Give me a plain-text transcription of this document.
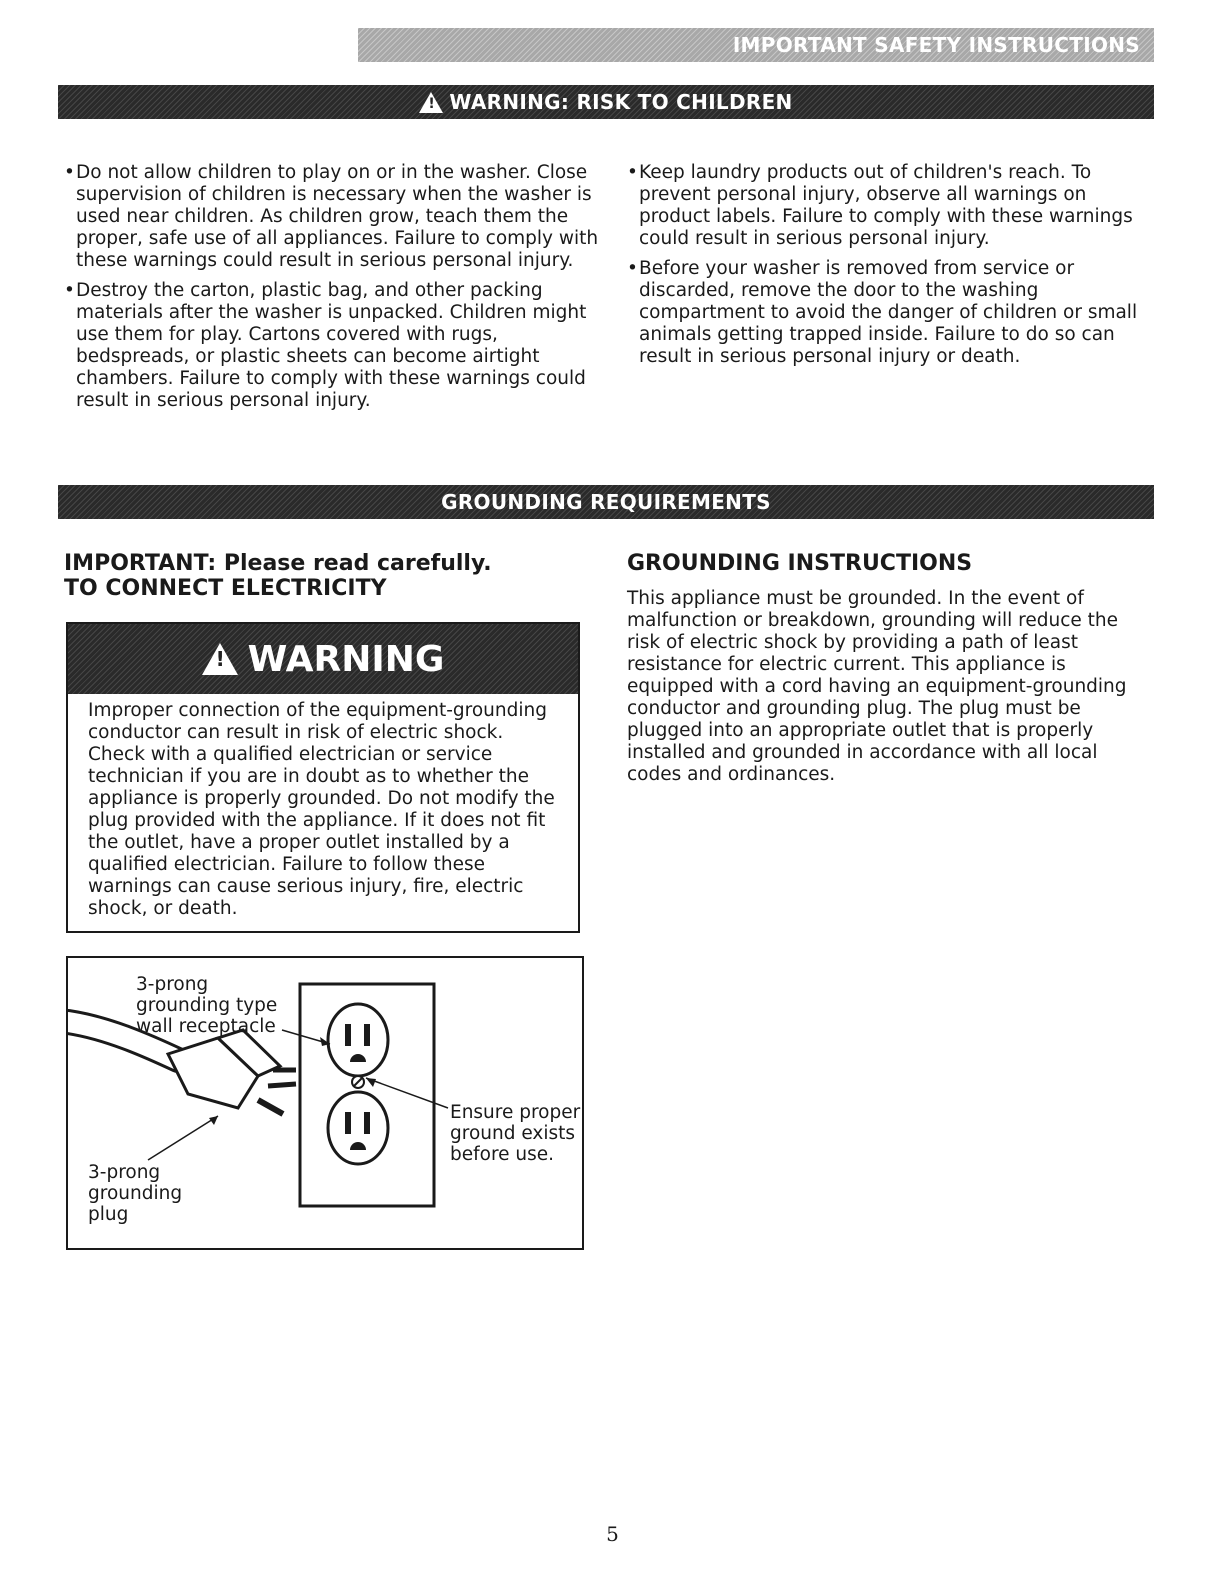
IMPORTANT SAFETY INSTRUCTIONS
! WARNING: RISK TO CHILDREN

• Do not allow children to play on or in the washer. Close supervision of children is necessary when the washer is used near children. As children grow, teach them the proper, safe use of all appliances. Failure to comply with these warnings could result in serious personal injury.

• Destroy the carton, plastic bag, and other packing materials after the washer is unpacked. Children might use them for play. Cartons covered with rugs, bedspreads, or plastic sheets can become airtight chambers. Failure to comply with these warnings could result in serious personal injury.

• Keep laundry products out of children's reach. To prevent personal injury, observe all warnings on product labels. Failure to comply with these warnings could result in serious personal injury.

• Before your washer is removed from service or discarded, remove the door to the washing compartment to avoid the danger of children or small animals getting trapped inside. Failure to do so can result in serious personal injury or death.

GROUNDING REQUIREMENTS
IMPORTANT: Please read carefully.
TO CONNECT ELECTRICITY
! WARNING
Improper connection of the equipment-grounding conductor can result in risk of electric shock. Check with a qualified electrician or service technician if you are in doubt as to whether the appliance is properly grounded. Do not modify the plug provided with the appliance. If it does not fit the outlet, have a proper outlet installed by a qualified electrician. Failure to follow these warnings can cause serious injury, fire, electric shock, or death.
3-prong grounding type wall receptacle
3-prong grounding plug
Ensure proper ground exists before use.
GROUNDING INSTRUCTIONS
This appliance must be grounded. In the event of malfunction or breakdown, grounding will reduce the risk of electric shock by providing a path of least resistance for electric current. This appliance is equipped with a cord having an equipment-grounding conductor and grounding plug. The plug must be plugged into an appropriate outlet that is properly installed and grounded in accordance with all local codes and ordinances.
5
